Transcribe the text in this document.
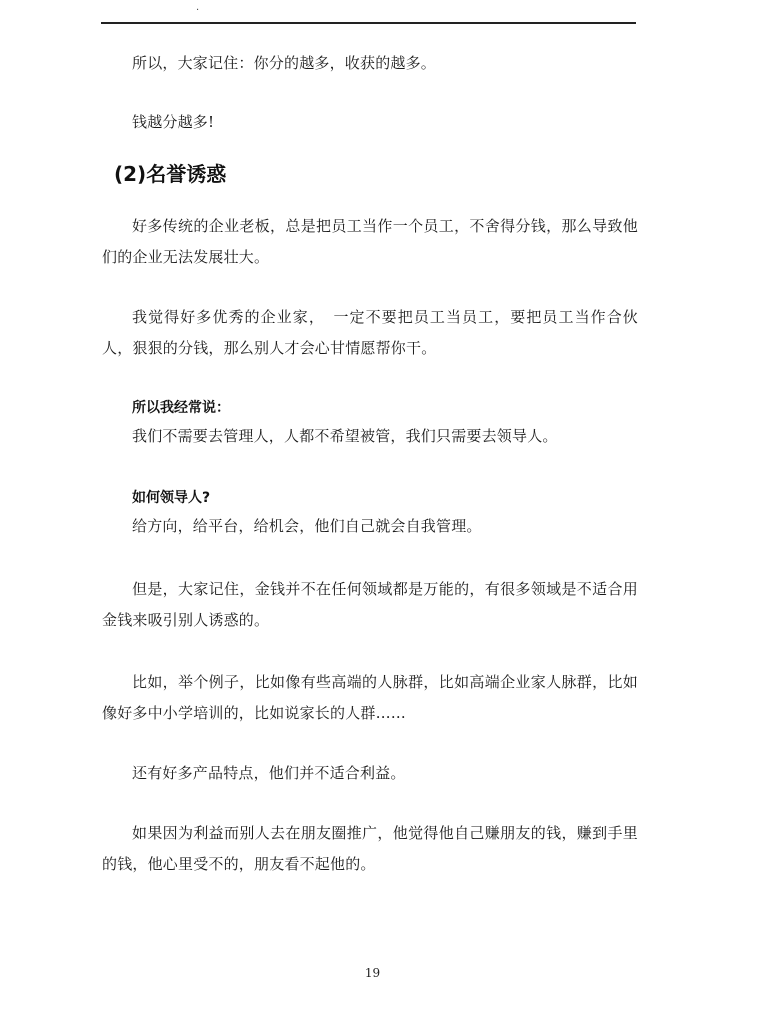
.

所以，大家记住：你分的越多，收获的越多。

钱越分越多!

(2)名誉诱惑

好多传统的企业老板，总是把员工当作一个员工，不舍得分钱，那么导致他们的企业无法发展壮大。

我觉得好多优秀的企业家，　一定不要把员工当员工，要把员工当作合伙人，狠狠的分钱，那么别人才会心甘情愿帮你干。

所以我经常说：

我们不需要去管理人，人都不希望被管，我们只需要去领导人。

如何领导人?

给方向，给平台，给机会，他们自己就会自我管理。

但是，大家记住，金钱并不在任何领域都是万能的，有很多领域是不适合用金钱来吸引别人诱惑的。

比如，举个例子，比如像有些高端的人脉群，比如高端企业家人脉群，比如像好多中小学培训的，比如说家长的人群……

还有好多产品特点，他们并不适合利益。

如果因为利益而别人去在朋友圈推广，他觉得他自己赚朋友的钱，赚到手里的钱，他心里受不的，朋友看不起他的。

19
